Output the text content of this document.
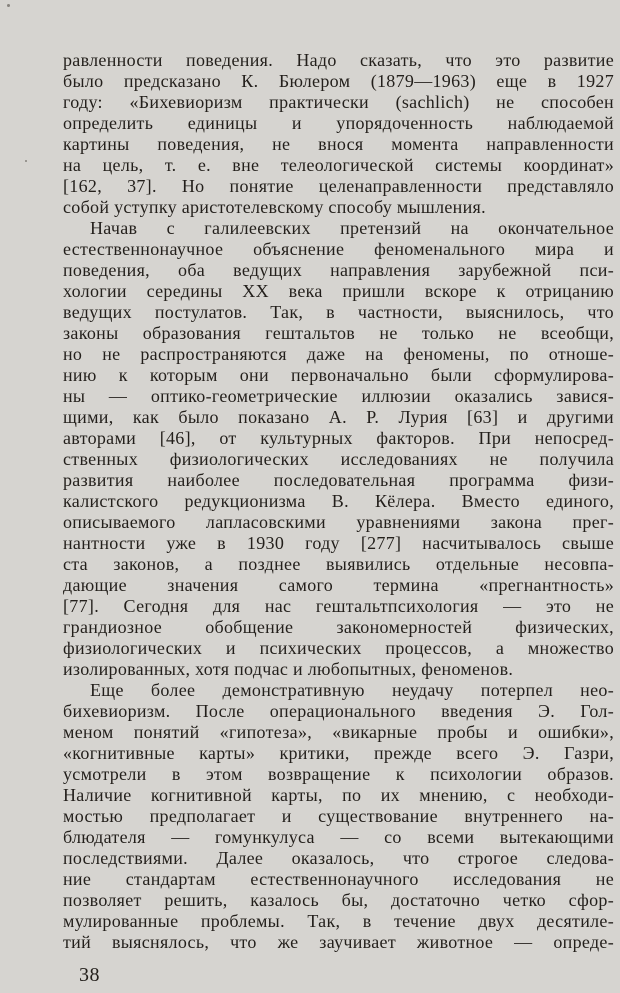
равленности поведения. Надо сказать, что это развитие
было предсказано К. Бюлером (1879—1963) еще в 1927
году: «Бихевиоризм практически (sachlich) не способен
определить единицы и упорядоченность наблюдаемой
картины поведения, не внося момента направленности
на цель, т. е. вне телеологической системы координат»
[162, 37]. Но понятие целенаправленности представляло
собой уступку аристотелевскому способу мышления.
Начав с галилеевских претензий на окончательное
естественнонаучное объяснение феноменального мира и
поведения, оба ведущих направления зарубежной пси-
хологии середины XX века пришли вскоре к отрицанию
ведущих постулатов. Так, в частности, выяснилось, что
законы образования гештальтов не только не всеобщи,
но не распространяются даже на феномены, по отноше-
нию к которым они первоначально были сформулирова-
ны — оптико-геометрические иллюзии оказались завися-
щими, как было показано А. Р. Лурия [63] и другими
авторами [46], от культурных факторов. При непосред-
ственных физиологических исследованиях не получила
развития наиболее последовательная программа физи-
калистского редукционизма В. Кёлера. Вместо единого,
описываемого лапласовскими уравнениями закона прег-
нантности уже в 1930 году [277] насчитывалось свыше
ста законов, а позднее выявились отдельные несовпа-
дающие значения самого термина «прегнантность»
[77]. Сегодня для нас гештальтпсихология — это не
грандиозное обобщение закономерностей физических,
физиологических и психических процессов, а множество
изолированных, хотя подчас и любопытных, феноменов.
Еще более демонстративную неудачу потерпел нео-
бихевиоризм. После операционального введения Э. Гол-
меном понятий «гипотеза», «викарные пробы и ошибки»,
«когнитивные карты» критики, прежде всего Э. Газри,
усмотрели в этом возвращение к психологии образов.
Наличие когнитивной карты, по их мнению, с необходи-
мостью предполагает и существование внутреннего на-
блюдателя — гомункулуса — со всеми вытекающими
последствиями. Далее оказалось, что строгое следова-
ние стандартам естественнонаучного исследования не
позволяет решить, казалось бы, достаточно четко сфор-
мулированные проблемы. Так, в течение двух десятиле-
тий выяснялось, что же заучивает животное — опреде-
38
